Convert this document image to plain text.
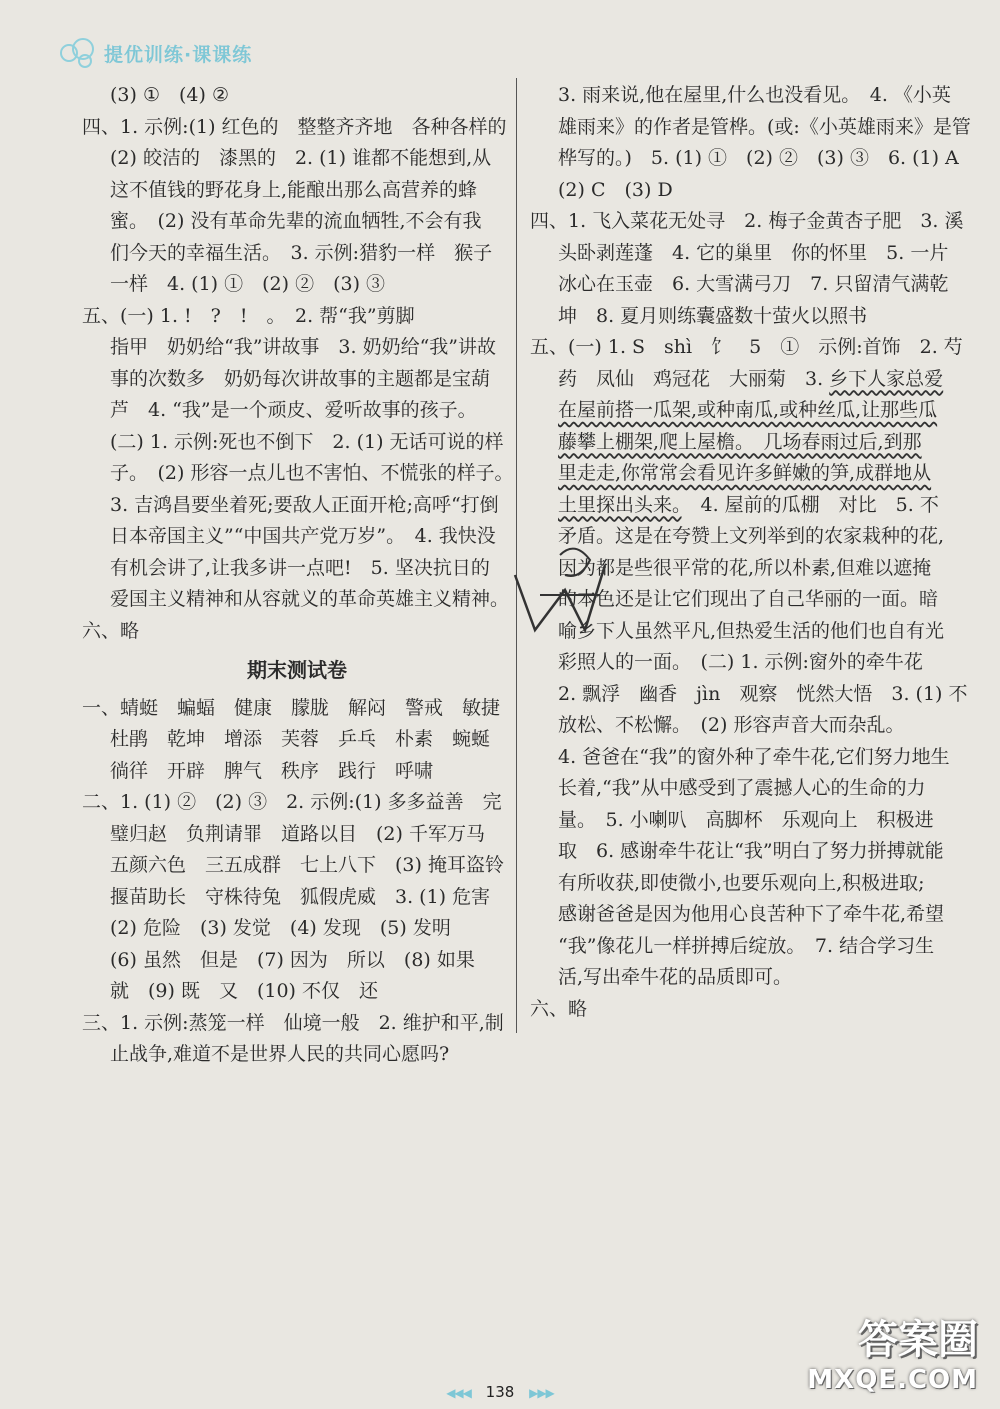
提优训练·课课练
(3) ①　(4) ②
四、1. 示例:(1) 红色的　整整齐齐地　各种各样的
(2) 皎洁的　漆黑的　2. (1) 谁都不能想到,从
这不值钱的野花身上,能酿出那么高营养的蜂
蜜。　(2) 没有革命先辈的流血牺牲,不会有我
们今天的幸福生活。　3. 示例:猎豹一样　猴子
一样　4. (1) ①　(2) ②　(3) ③
五、(一) 1. !　?　!　。　2. 帮“我”剪脚
指甲　奶奶给“我”讲故事　3. 奶奶给“我”讲故
事的次数多　奶奶每次讲故事的主题都是宝葫
芦　4. “我”是一个顽皮、爱听故事的孩子。
(二) 1. 示例:死也不倒下　2. (1) 无话可说的样
子。　(2) 形容一点儿也不害怕、不慌张的样子。
3. 吉鸿昌要坐着死;要敌人正面开枪;高呼“打倒
日本帝国主义”“中国共产党万岁”。　4. 我快没
有机会讲了,让我多讲一点吧!　5. 坚决抗日的
爱国主义精神和从容就义的革命英雄主义精神。
六、略
期末测试卷
一、蜻蜓　蝙蝠　健康　朦胧　解闷　警戒　敏捷
杜鹃　乾坤　增添　芙蓉　乒乓　朴素　蜿蜒
徜徉　开辟　脾气　秩序　践行　呼啸
二、1. (1) ②　(2) ③　2. 示例:(1) 多多益善　完
璧归赵　负荆请罪　道路以目　(2) 千军万马
五颜六色　三五成群　七上八下　(3) 掩耳盗铃
揠苗助长　守株待兔　狐假虎威　3. (1) 危害
(2) 危险　(3) 发觉　(4) 发现　(5) 发明
(6) 虽然　但是　(7) 因为　所以　(8) 如果
就　(9) 既　又　(10) 不仅　还
三、1. 示例:蒸笼一样　仙境一般　2. 维护和平,制
止战争,难道不是世界人民的共同心愿吗?
3. 雨来说,他在屋里,什么也没看见。　4. 《小英
雄雨来》的作者是管桦。(或:《小英雄雨来》是管
桦写的。)　5. (1) ①　(2) ②　(3) ③　6. (1) A
(2) C　(3) D
四、1. 飞入菜花无处寻　2. 梅子金黄杏子肥　3. 溪
头卧剥莲蓬　4. 它的巢里　你的怀里　5. 一片
冰心在玉壶　6. 大雪满弓刀　7. 只留清气满乾
坤　8. 夏月则练囊盛数十萤火以照书
五、(一) 1. S　shì　饣　5　①　示例:首饰　2. 芍
药　凤仙　鸡冠花　大丽菊　3. 乡下人家总爱
在屋前搭一瓜架,或种南瓜,或种丝瓜,让那些瓜
藤攀上棚架,爬上屋檐。　几场春雨过后,到那
里走走,你常常会看见许多鲜嫩的笋,成群地从
土里探出头来。　4. 屋前的瓜棚　对比　5. 不
矛盾。这是在夸赞上文列举到的农家栽种的花,
因为都是些很平常的花,所以朴素,但难以遮掩
的本色还是让它们现出了自己华丽的一面。暗
喻乡下人虽然平凡,但热爱生活的他们也自有光
彩照人的一面。　(二) 1. 示例:窗外的牵牛花
2. 飘浮　幽香　jìn　观察　恍然大悟　3. (1) 不
放松、不松懈。　(2) 形容声音大而杂乱。
4. 爸爸在“我”的窗外种了牵牛花,它们努力地生
长着,“我”从中感受到了震撼人心的生命的力
量。　5. 小喇叭　高脚杯　乐观向上　积极进
取　6. 感谢牵牛花让“我”明白了努力拼搏就能
有所收获,即使微小,也要乐观向上,积极进取;
感谢爸爸是因为他用心良苦种下了牵牛花,希望
“我”像花儿一样拼搏后绽放。　7. 结合学习生
活,写出牵牛花的品质即可。
六、略
◀◀◀ 138 ▶▶▶
答案圈
MXQE.COM
